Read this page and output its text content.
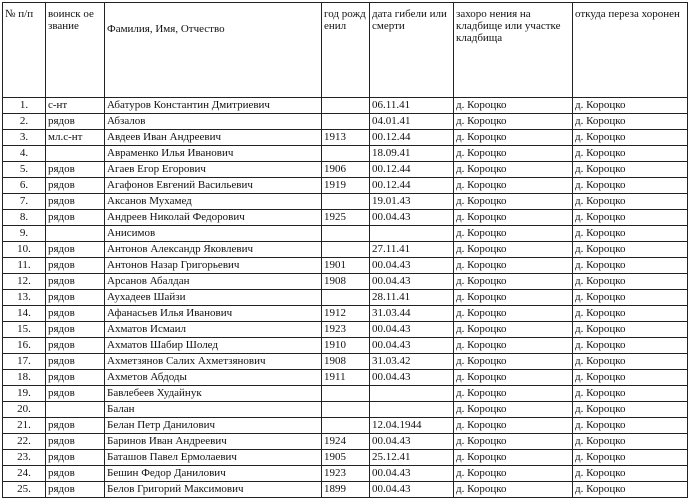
№ п/п	воинск ое звание	Фамилия, Имя, Отчество	год рожд енил	дата гибели или смерти	захоро нения на кладбище или участке кладбища	откуда переза хоронен
1.	с-нт	Абатуров Константин Дмитриевич		06.11.41	д. Короцко	д. Короцко
2.	рядов	Абзалов		04.01.41	д. Короцко	д. Короцко
3.	мл.с-нт	Авдеев Иван Андреевич	1913	00.12.44	д. Короцко	д. Короцко
4.		Авраменко Илья Иванович		18.09.41	д. Короцко	д. Короцко
5.	рядов	Агаев Егор Егорович	1906	00.12.44	д. Короцко	д. Короцко
6.	рядов	Агафонов Евгений Васильевич	1919	00.12.44	д. Короцко	д. Короцко
7.	рядов	Аксанов Мухамед		19.01.43	д. Короцко	д. Короцко
8.	рядов	Андреев Николай Федорович	1925	00.04.43	д. Короцко	д. Короцко
9.		Анисимов			д. Короцко	д. Короцко
10.	рядов	Антонов Александр Яковлевич		27.11.41	д. Короцко	д. Короцко
11.	рядов	Антонов Назар Григорьевич	1901	00.04.43	д. Короцко	д. Короцко
12.	рядов	Арсанов Абалдан	1908	00.04.43	д. Короцко	д. Короцко
13.	рядов	Аухадеев Шайзи		28.11.41	д. Короцко	д. Короцко
14.	рядов	Афанасьев Илья Иванович	1912	31.03.44	д. Короцко	д. Короцко
15.	рядов	Ахматов Исмаил	1923	00.04.43	д. Короцко	д. Короцко
16.	рядов	Ахматов Шабир Шолед	1910	00.04.43	д. Короцко	д. Короцко
17.	рядов	Ахметзянов Салих Ахметзянович	1908	31.03.42	д. Короцко	д. Короцко
18.	рядов	Ахметов Абдоды	1911	00.04.43	д. Короцко	д. Короцко
19.	рядов	Бавлебеев Худайнук			д. Короцко	д. Короцко
20.		Балан			д. Короцко	д. Короцко
21.	рядов	Белан Петр Данилович		12.04.1944	д. Короцко	д. Короцко
22.	рядов	Баринов Иван Андреевич	1924	00.04.43	д. Короцко	д. Короцко
23.	рядов	Баташов Павел Ермолаевич	1905	25.12.41	д. Короцко	д. Короцко
24.	рядов	Бешин Федор Данилович	1923	00.04.43	д. Короцко	д. Короцко
25.	рядов	Белов Григорий Максимович	1899	00.04.43	д. Короцко	д. Короцко
